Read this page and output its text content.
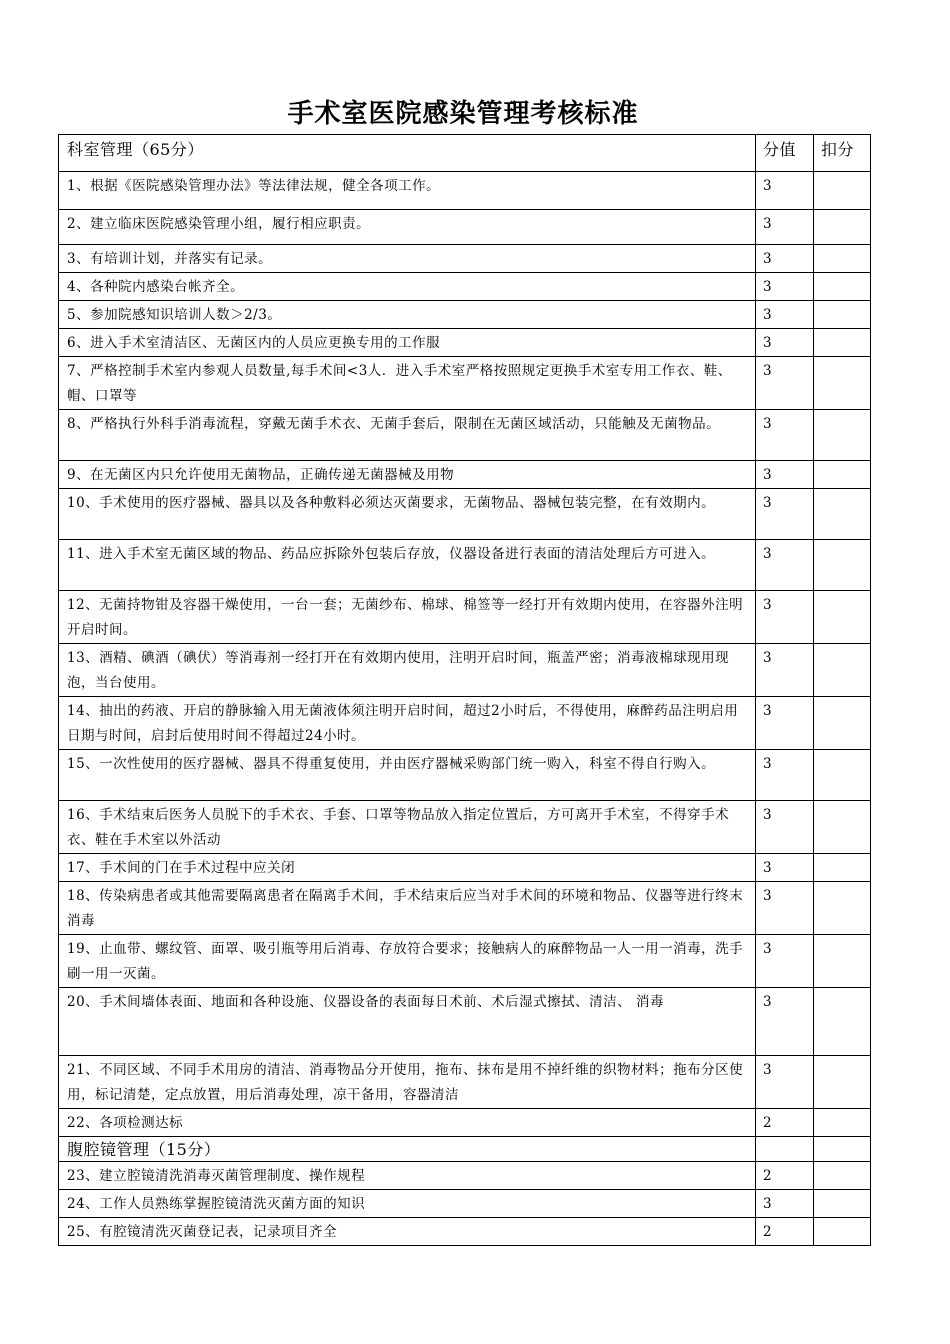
手术室医院感染管理考核标准
科室管理（65分）	分值	扣分
1、根据《医院感染管理办法》等法律法规，健全各项工作。	3	
2、建立临床医院感染管理小组，履行相应职责。	3	
3、有培训计划，并落实有记录。	3	
4、各种院内感染台帐齐全。	3	
5、参加院感知识培训人数＞2/3。	3	
6、进入手术室清洁区、无菌区内的人员应更换专用的工作服	3	
7、严格控制手术室内参观人员数量,每手术间<3人．进入手术室严格按照规定更换手术室专用工作衣、鞋、帽、口罩等	3	
8、严格执行外科手消毒流程，穿戴无菌手术衣、无菌手套后，限制在无菌区域活动，只能触及无菌物品。	3	
9、在无菌区内只允许使用无菌物品，正确传递无菌器械及用物	3	
10、手术使用的医疗器械、器具以及各种敷料必须达灭菌要求，无菌物品、器械包装完整，在有效期内。	3	
11、进入手术室无菌区域的物品、药品应拆除外包装后存放，仪器设备进行表面的清洁处理后方可进入。	3	
12、无菌持物钳及容器干燥使用，一台一套；无菌纱布、棉球、棉签等一经打开有效期内使用，在容器外注明开启时间。	3	
13、酒精、碘酒（碘伏）等消毒剂一经打开在有效期内使用，注明开启时间，瓶盖严密；消毒液棉球现用现泡，当台使用。	3	
14、抽出的药液、开启的静脉输入用无菌液体须注明开启时间，超过2小时后，不得使用，麻醉药品注明启用日期与时间，启封后使用时间不得超过24小时。	3	
15、一次性使用的医疗器械、器具不得重复使用，并由医疗器械采购部门统一购入，科室不得自行购入。	3	
16、手术结束后医务人员脱下的手术衣、手套、口罩等物品放入指定位置后，方可离开手术室，不得穿手术衣、鞋在手术室以外活动	3	
17、手术间的门在手术过程中应关闭	3	
18、传染病患者或其他需要隔离患者在隔离手术间，手术结束后应当对手术间的环境和物品、仪器等进行终末消毒	3	
19、止血带、螺纹管、面罩、吸引瓶等用后消毒、存放符合要求；接触病人的麻醉物品一人一用一消毒，洗手刷一用一灭菌。	3	
20、手术间墙体表面、地面和各种设施、仪器设备的表面每日术前、术后湿式擦拭、清洁、 消毒	3	
21、不同区域、不同手术用房的清洁、消毒物品分开使用，拖布、抹布是用不掉纤维的织物材料；拖布分区使用，标记清楚，定点放置，用后消毒处理，凉干备用，容器清洁	3	
22、各项检测达标	2	
腹腔镜管理（15分）		
23、建立腔镜清洗消毒灭菌管理制度、操作规程	2	
24、工作人员熟练掌握腔镜清洗灭菌方面的知识	3	
25、有腔镜清洗灭菌登记表，记录项目齐全	2	
